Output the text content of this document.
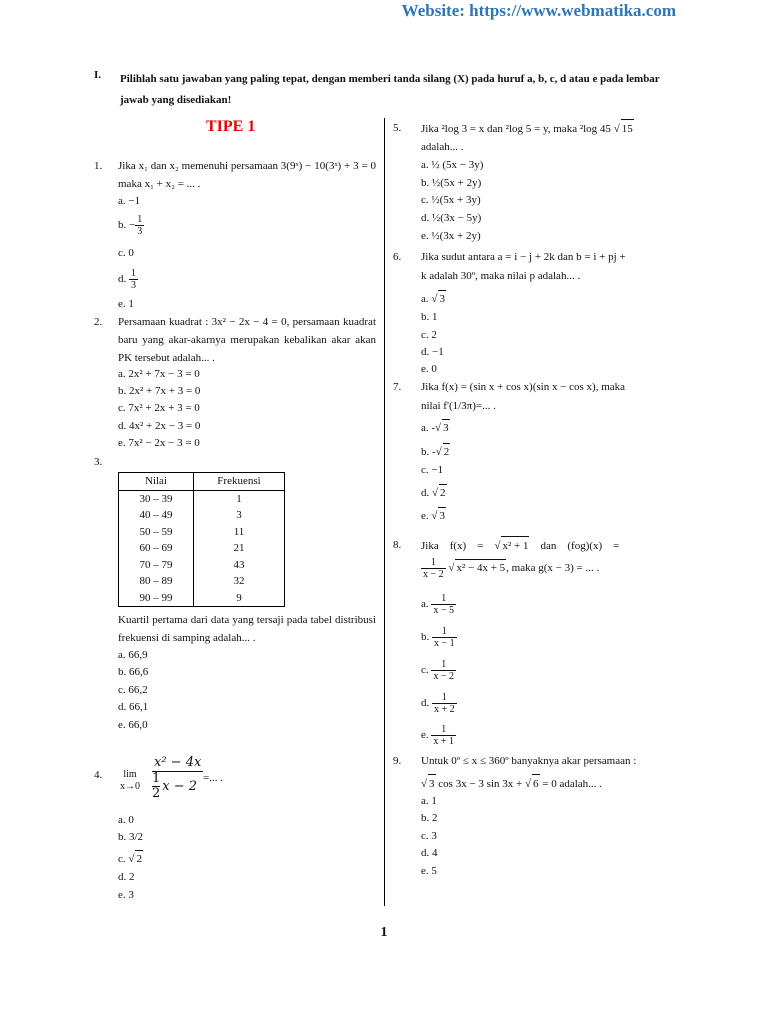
Website: https://www.webmatika.com
I. Pilihlah satu jawaban yang paling tepat, dengan memberi tanda silang (X) pada huruf a, b, c, d atau e pada lembar jawab yang disediakan!
TIPE 1
1. Jika x₁ dan x₂ memenuhi persamaan 3(9ˣ) − 10(3ˣ) + 3 = 0 maka x₁ + x₂ = ... .
a. −1
b. − $\frac{1}{3}$
c. 0
d. $\frac{1}{3}$
e. 1
2. Persamaan kuadrat : 3x² − 2x − 4 = 0, persamaan kuadrat baru yang akar-akarnya merupakan kebalikan akar akan PK tersebut adalah... .
a. 2x² + 7x − 3 = 0
b. 2x² + 7x + 3 = 0
c. 7x² + 2x + 3 = 0
d. 4x² + 2x − 3 = 0
e. 7x² − 2x − 3 = 0
3.
Nilai	Frekuensi
30 – 39	1
40 – 49	3
50 – 59	11
60 – 69	21
70 – 79	43
80 – 89	32
90 – 99	9
Kuartil pertama dari data yang tersaji pada tabel distribusi frekuensi di samping adalah... .
a. 66,9
b. 66,6
c. 66,2
d. 66,1
e. 66,0
4.	lim
$x\to 0 \frac{\text{x² − 4x}}{\frac{1}{2} x - 2}$ =... .
a. 0
b. 3/2
c. √ 2
d. 2
e. 3
5. Jika ²log 3 = x dan ²log 5 = y, maka ²log 45 √ 15
adalah... .
a. ½ (5x − 3y)
b. ½(5x + 2y)
c. ½(5x + 3y)
d. ½(3x − 5y)
e. ½(3x + 2y)
6. Jika sudut antara a = i − j + 2k dan b = i + pj +
k adalah 30º, maka nilai p adalah... .
a. √ 3
b. 1
c. 2
d. −1
e. 0
7. Jika f(x) = (sin x + cos x)(sin x − cos x), maka
nilai f'(1/3π)=... .
a. -√ 3
b. -√ 2
c. −1
d. √ 2
e. √ 3
8. Jika    f(x)    =    √ x² + 1 dan    (fog)(x)    =
$\frac{1}{x - 2}$ √ x² − 4x + 5, maka g(x − 3) = ... .
a. $\frac{1}{x - 5}$
b. $\frac{1}{x - 1}$
c. $\frac{1}{x - 2}$
d. $\frac{1}{x + 2}$
e. $\frac{1}{x + 1}$
9. Untuk 0º ≤ x ≤ 360º banyaknya akar persamaan :
√ 3 cos 3x − 3 sin 3x + √ 6 = 0 adalah... .
a. 1
b. 2
c. 3
d. 4
e. 5
1
